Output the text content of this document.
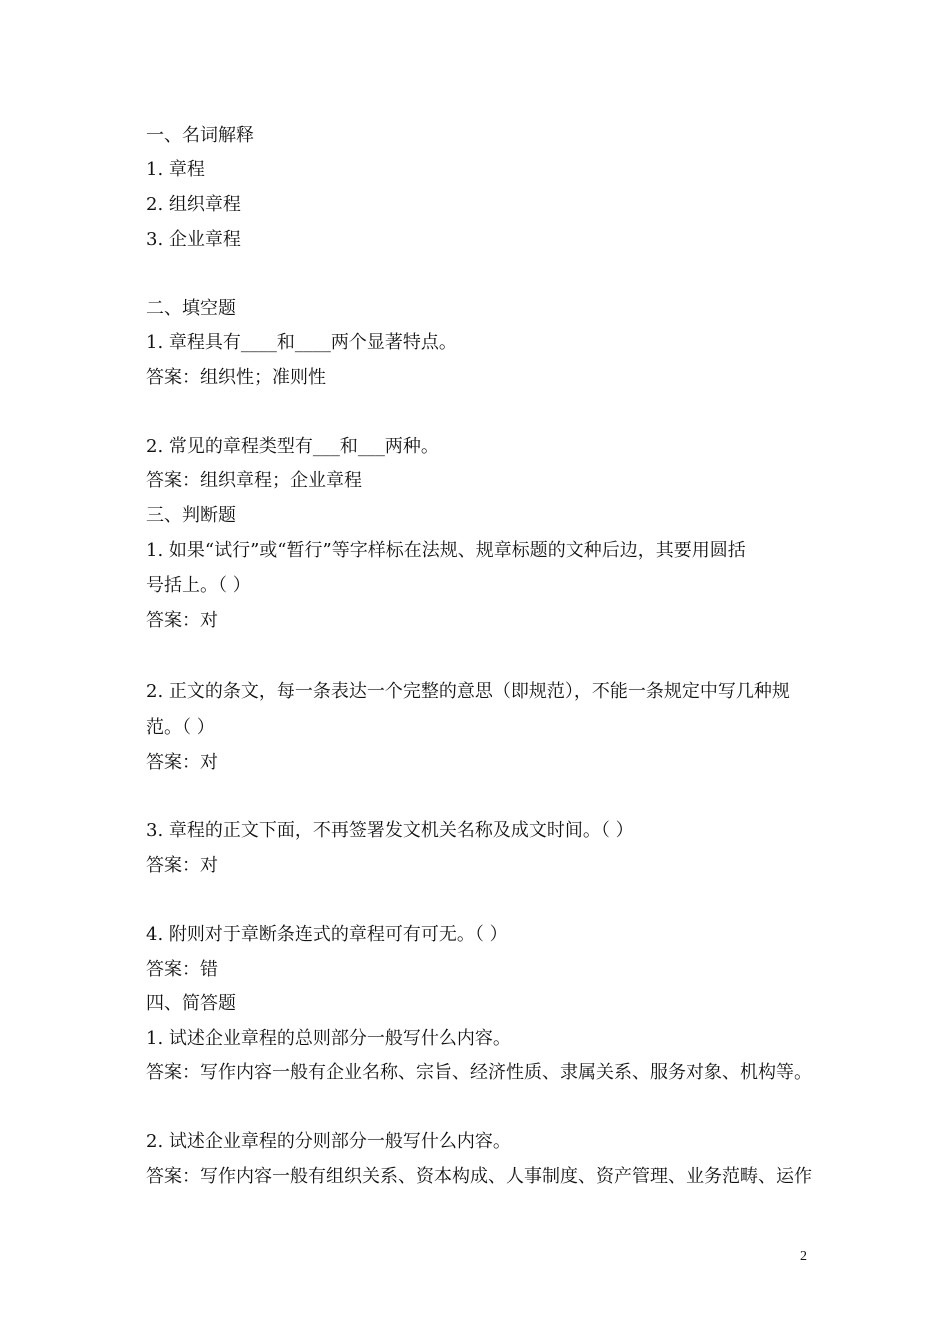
一、名词解释
1. 章程
2. 组织章程
3. 企业章程
二、填空题
1. 章程具有____和____两个显著特点。
答案：组织性；准则性
2. 常见的章程类型有___和___两种。
答案：组织章程；企业章程
三、判断题
1. 如果“试行”或“暂行”等字样标在法规、规章标题的文种后边，其要用圆括
号括上。（ ）
答案：对
2. 正文的条文，每一条表达一个完整的意思（即规范），不能一条规定中写几种规
范。（ ）
答案：对
3. 章程的正文下面，不再签署发文机关名称及成文时间。（ ）
答案：对
4. 附则对于章断条连式的章程可有可无。（ ）
答案：错
四、简答题
1. 试述企业章程的总则部分一般写什么内容。
答案：写作内容一般有企业名称、宗旨、经济性质、隶属关系、服务对象、机构等。
2. 试述企业章程的分则部分一般写什么内容。
答案：写作内容一般有组织关系、资本构成、人事制度、资产管理、业务范畴、运作
2
